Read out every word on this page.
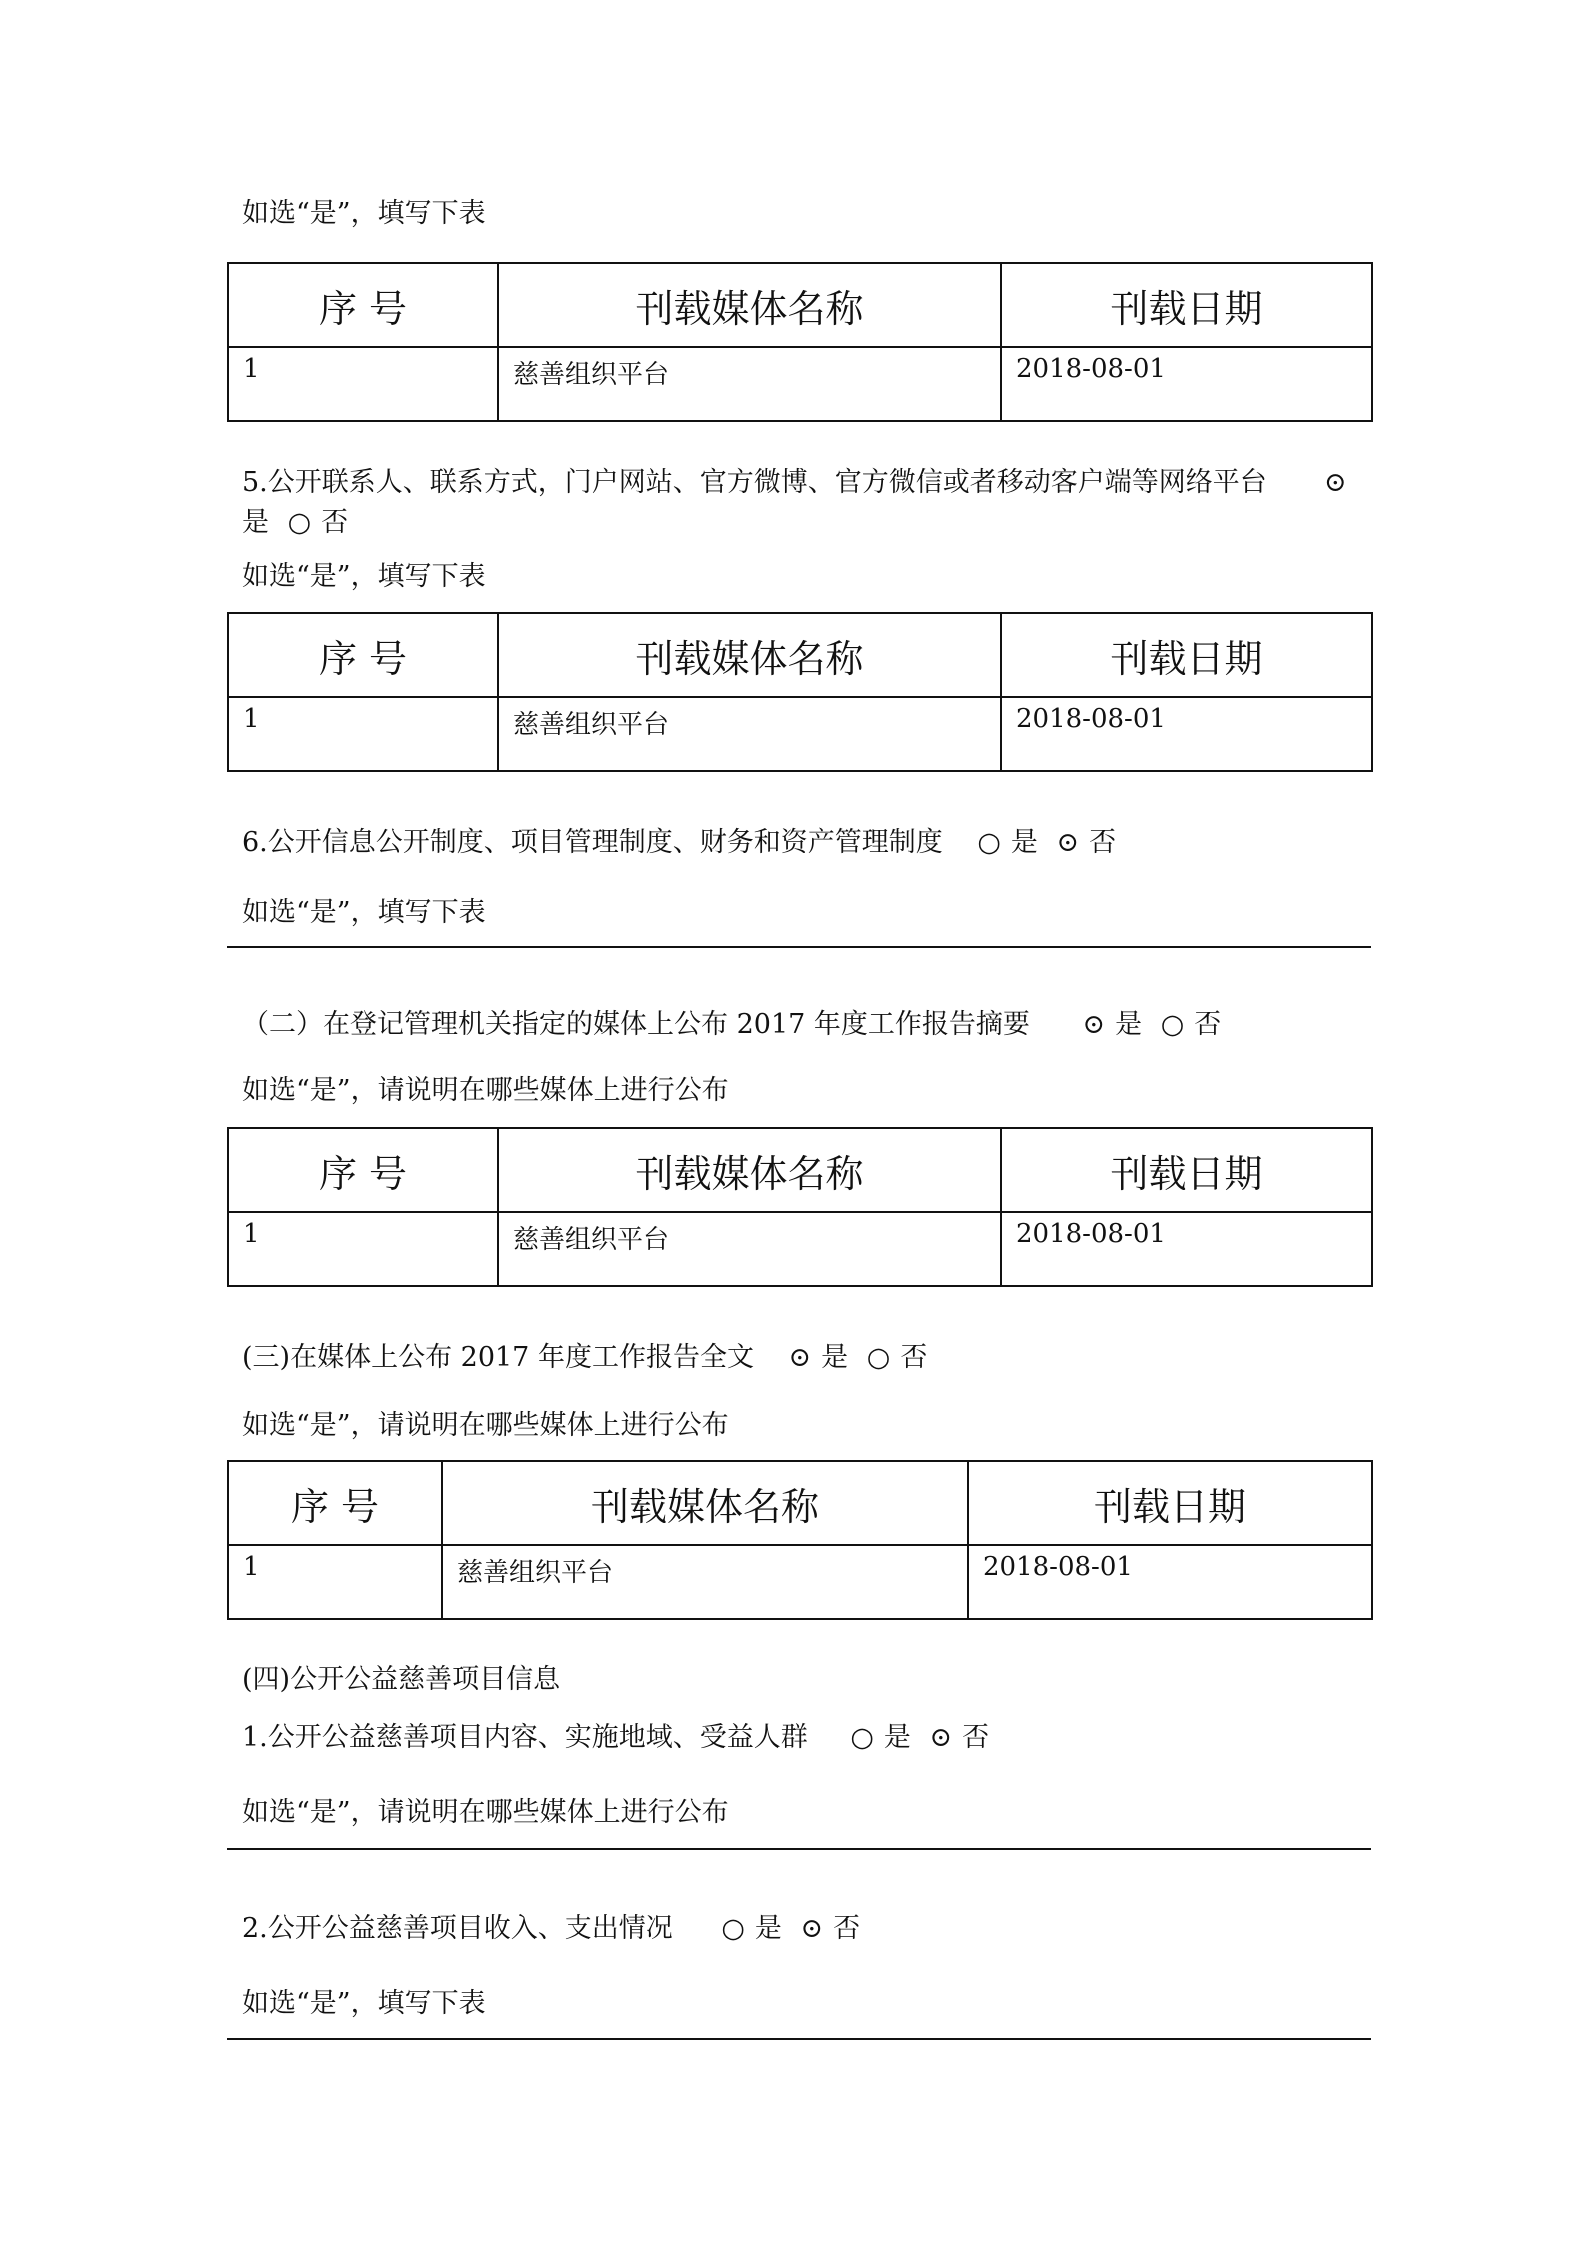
如选“是”，填写下表
序 号	刊载媒体名称	刊载日期
1	慈善组织平台	2018-08-01
5.公开联系人、联系方式，门户网站、官方微博、官方微信或者移动客户端等网络平台 ⊙是 ○ 否
如选“是”，填写下表
序 号	刊载媒体名称	刊载日期
1	慈善组织平台	2018-08-01
6.公开信息公开制度、项目管理制度、财务和资产管理制度 ○ 是 ⊙ 否
如选“是”，填写下表
（二）在登记管理机关指定的媒体上公布 2017 年度工作报告摘要 ⊙ 是 ○ 否
如选“是”，请说明在哪些媒体上进行公布
序 号	刊载媒体名称	刊载日期
1	慈善组织平台	2018-08-01
(三)在媒体上公布 2017 年度工作报告全文 ⊙ 是 ○ 否
如选“是”，请说明在哪些媒体上进行公布
序 号	刊载媒体名称	刊载日期
1	慈善组织平台	2018-08-01
(四)公开公益慈善项目信息
1.公开公益慈善项目内容、实施地域、受益人群 ○ 是 ⊙ 否
如选“是”，请说明在哪些媒体上进行公布
2.公开公益慈善项目收入、支出情况 ○ 是 ⊙ 否
如选“是”，填写下表
